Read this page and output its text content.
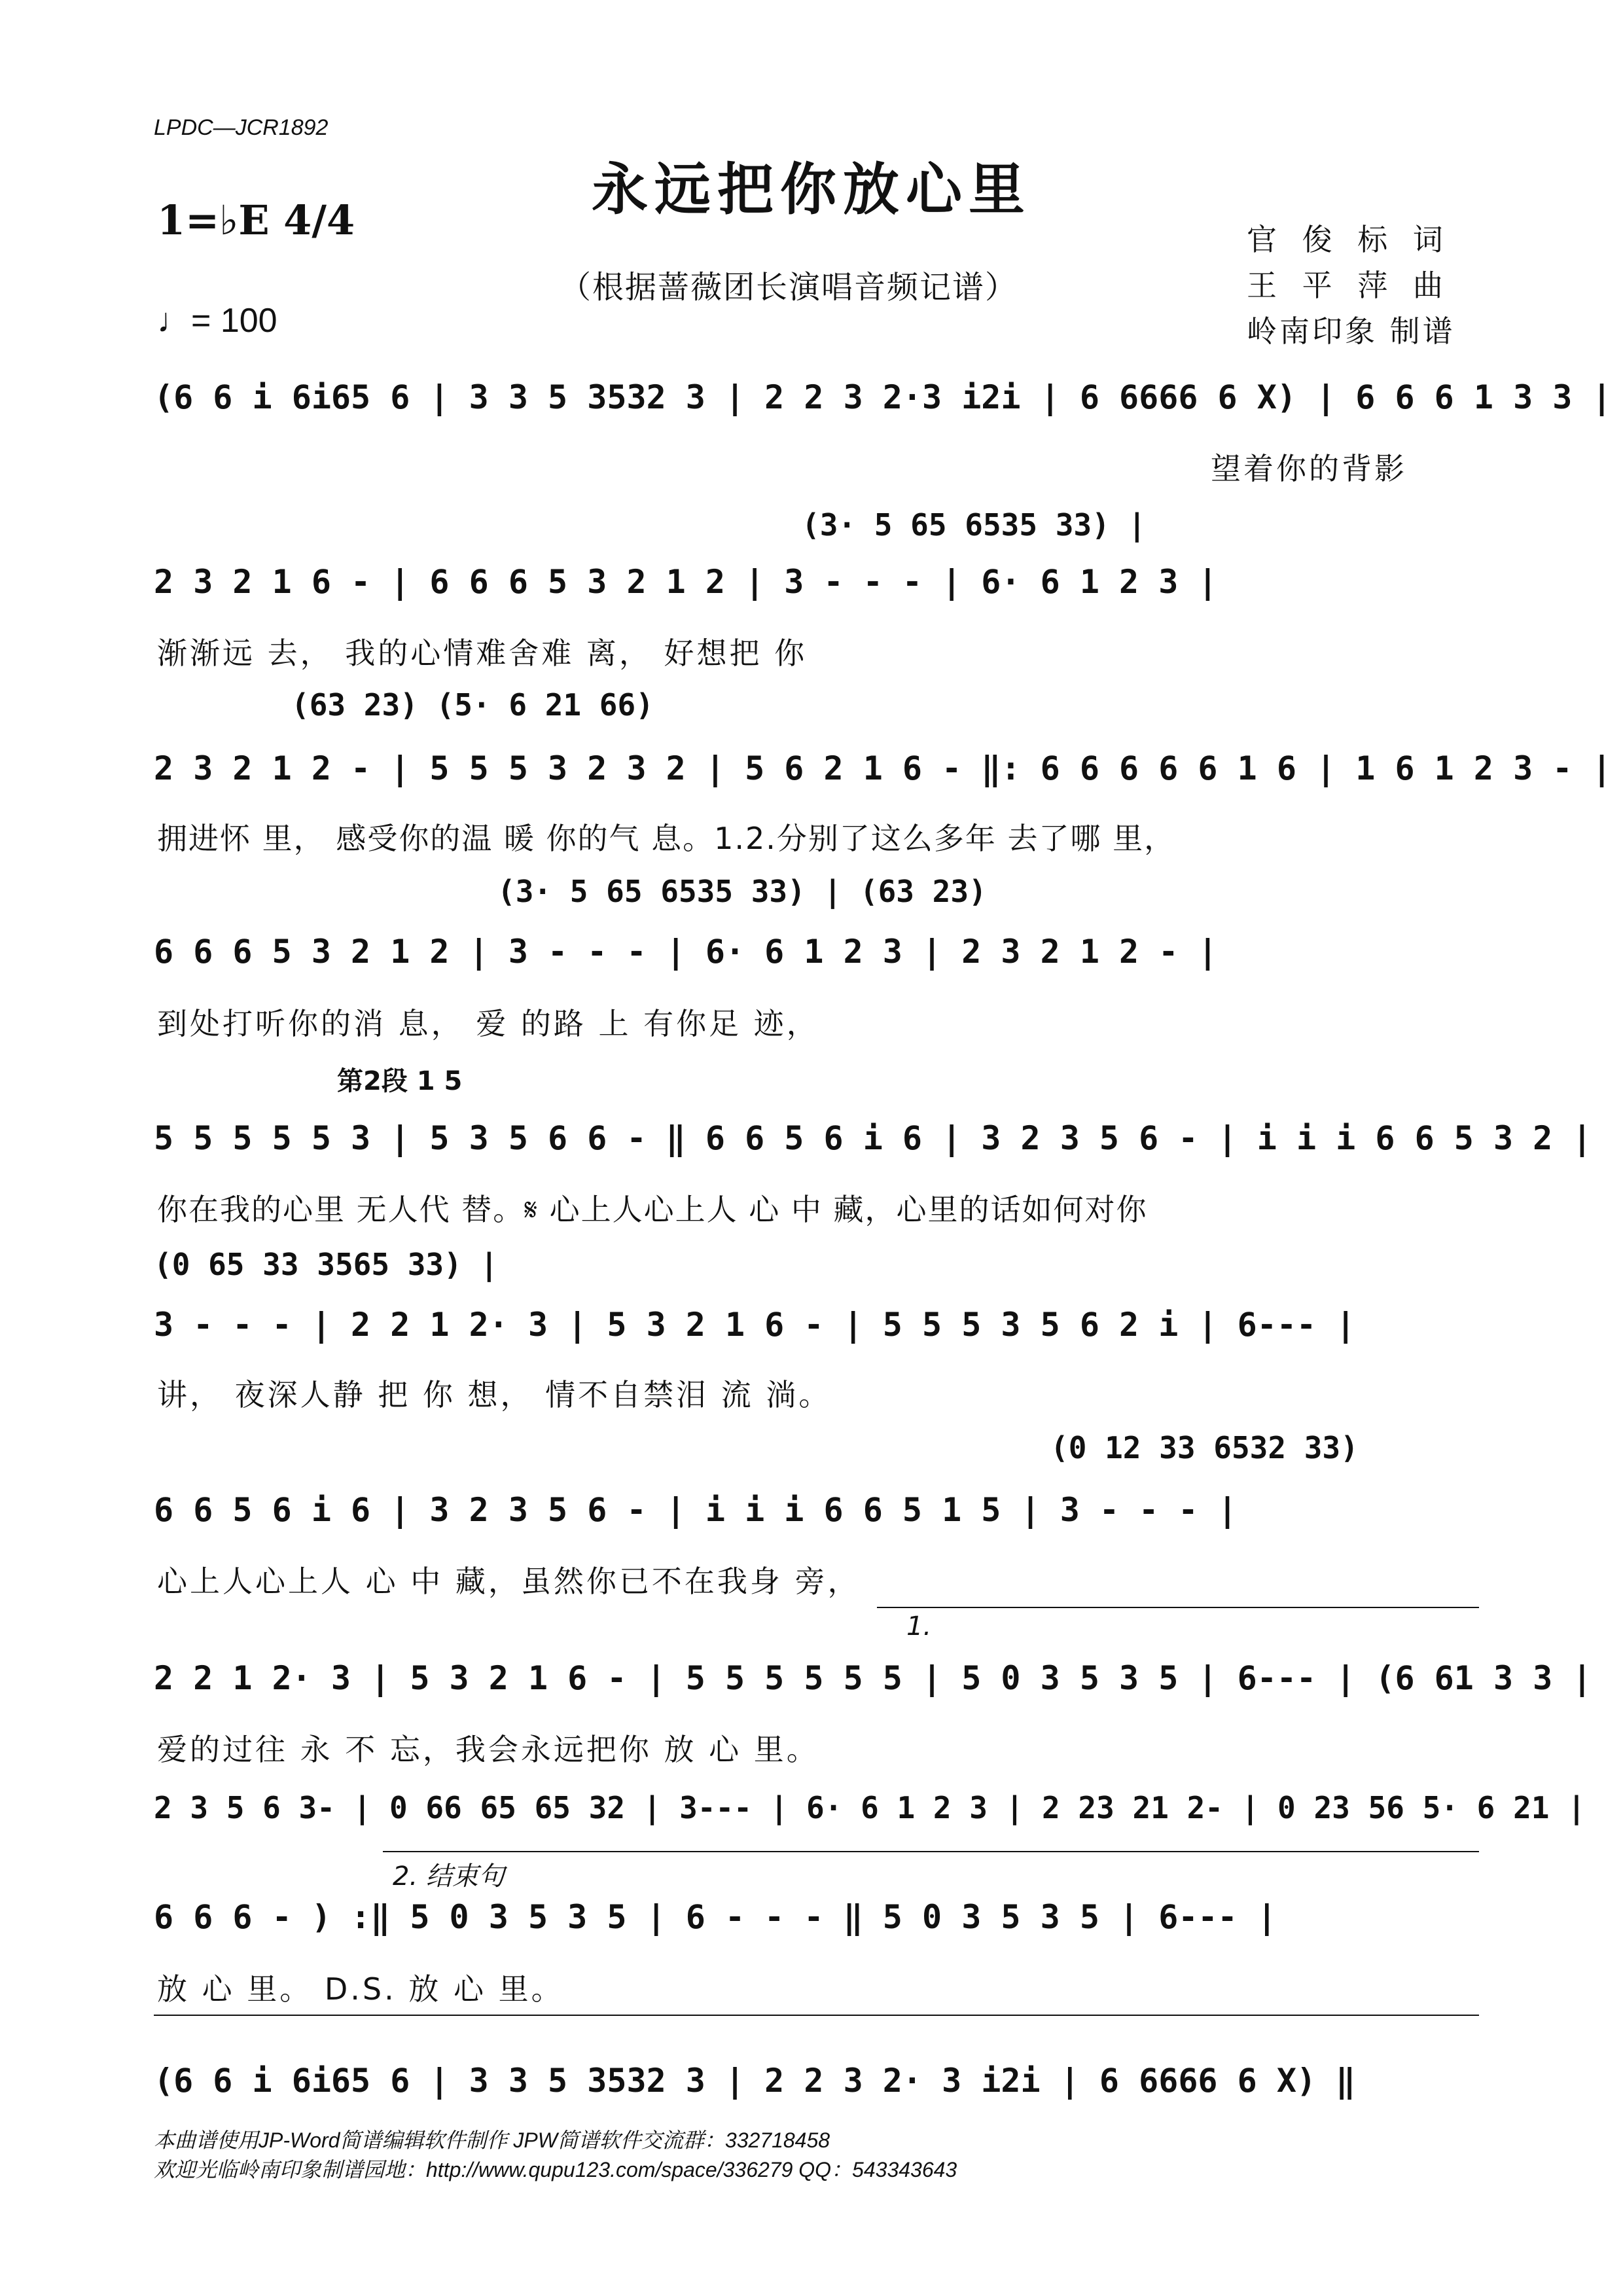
LPDC—JCR1892
永远把你放心里
1=♭E 4/4
♩= 100
（根据蔷薇团长演唱音频记谱）
官 俊 标 词
王 平 萍 曲
岭南印象 制谱
(6 6 i 6i65 6 | 3 3 5 3532 3 | 2 2 3 2·3 i2i | 6 6666 6 X) | 6 6 6 1 3 3 |
望着你的背影
(3· 5 65 6535 33) |
2 3 2 1 6 - | 6 6 6 5 3 2 1 2 | 3 - - - | 6· 6 1 2 3 |
渐渐远 去， 我的心情难舍难 离， 好想把 你
(63 23) (5· 6 21 66)
2 3 2 1 2 - | 5 5 5 3 2 3 2 | 5 6 2 1 6 - ‖: 6 6 6 6 6 1 6 | 1 6 1 2 3 - |
拥进怀 里， 感受你的温 暖 你的气 息。1.2.分别了这么多年 去了哪 里，
(3· 5 65 6535 33) | (63 23)
6 6 6 5 3 2 1 2 | 3 - - - | 6· 6 1 2 3 | 2 3 2 1 2 - |
到处打听你的消 息， 爱 的路 上 有你足 迹，
第2段 1 5
5 5 5 5 5 3 | 5 3 5 6 6 - ‖ 6 6 5 6 i 6 | 3 2 3 5 6 - | i i i 6 6 5 3 2 |
你在我的心里 无人代 替。𝄋 心上人心上人 心 中 藏，心里的话如何对你
(0 65 33 3565 33) |
3 - - - | 2 2 1 2· 3 | 5 3 2 1 6 - | 5 5 5 3 5 6 2 i | 6--- |
讲， 夜深人静 把 你 想， 情不自禁泪 流 淌。
(0 12 33 6532 33)
6 6 5 6 i 6 | 3 2 3 5 6 - | i i i 6 6 5 1 5 | 3 - - - |
心上人心上人 心 中 藏，虽然你已不在我身 旁，
1.
2 2 1 2· 3 | 5 3 2 1 6 - | 5 5 5 5 5 5 | 5 0 3 5 3 5 | 6--- | (6 61 3 3 |
爱的过往 永 不 忘，我会永远把你 放 心 里。
2 3 5 6 3- | 0 66 65 65 32 | 3--- | 6· 6 1 2 3 | 2 23 21 2- | 0 23 56 5· 6 21 |
2. 结束句
6 6 6 - ) :‖ 5 0 3 5 3 5 | 6 - - - ‖ 5 0 3 5 3 5 | 6--- |
放 心 里。 D.S. 放 心 里。
(6 6 i 6i65 6 | 3 3 5 3532 3 | 2 2 3 2· 3 i2i | 6 6666 6 X) ‖
本曲谱使用JP-Word简谱编辑软件制作 JPW简谱软件交流群：332718458
欢迎光临岭南印象制谱园地：http://www.qupu123.com/space/336279 QQ：543343643
